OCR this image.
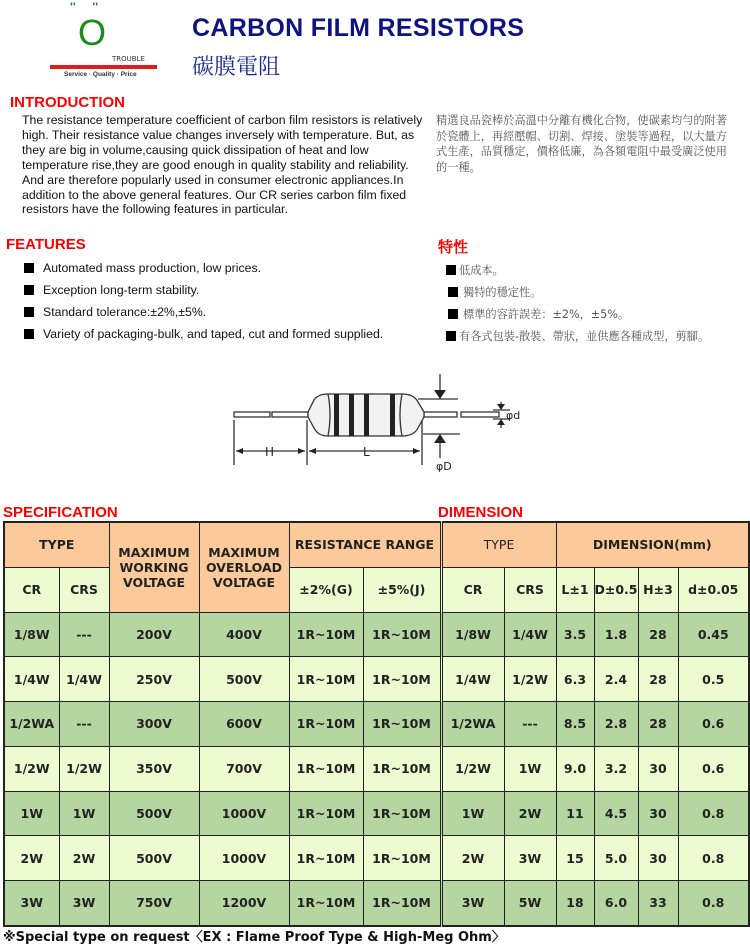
''     ''
O
TROUBLE
Service · Quality · Price
CARBON FILM RESISTORS
碳膜電阻
INTRODUCTION
The resistance temperature coefficient of carbon film resistors is relatively high. Their resistance value changes inversely with temperature. But, as they are big in volume,causing quick dissipation of heat and low temperature rise,they are good enough in quality stability and reliability. And are therefore popularly used in consumer electronic appliances.In addition to the above general features. Our CR series carbon film fixed resistors have the following features in particular.
精選良品瓷棒於高溫中分離有機化合物，使碳素均勻的附著於瓷體上，再經壓帽、切割、焊接、塗裝等過程，以大量方式生產，品質穩定，價格低廉，為各類電阻中最受廣泛使用的一種。
FEATURES	特性
Automated mass production, low prices.
Exception long-term stability.
Standard tolerance:±2%,±5%.
Variety of packaging-bulk, and taped, cut and formed supplied.
低成本。
獨特的穩定性。
標準的容許誤差：±2%，±5%。
有各式包裝-散裝、帶狀，並供應各種成型，剪腳。
H	L
φd
φD
SPECIFICATION	DIMENSION
TYPE		MAXIMUM WORKING VOLTAGE	MAXIMUM OVERLOAD VOLTAGE	RESISTANCE RANGE		TYPE		DIMENSION(mm)			
CR	CRS			±2%(G)	±5%(J)	CR	CRS	L±1	D±0.5	H±3	d±0.05
1/8W	---	200V	400V	1R~10M	1R~10M	1/8W	1/4W	3.5	1.8	28	0.45
1/4W	1/4W	250V	500V	1R~10M	1R~10M	1/4W	1/2W	6.3	2.4	28	0.5
1/2WA	---	300V	600V	1R~10M	1R~10M	1/2WA	---	8.5	2.8	28	0.6
1/2W	1/2W	350V	700V	1R~10M	1R~10M	1/2W	1W	9.0	3.2	30	0.6
1W	1W	500V	1000V	1R~10M	1R~10M	1W	2W	11	4.5	30	0.8
2W	2W	500V	1000V	1R~10M	1R~10M	2W	3W	15	5.0	30	0.8
3W	3W	750V	1200V	1R~10M	1R~10M	3W	5W	18	6.0	33	0.8
※Special type on request〈EX : Flame Proof Type & High-Meg Ohm〉
